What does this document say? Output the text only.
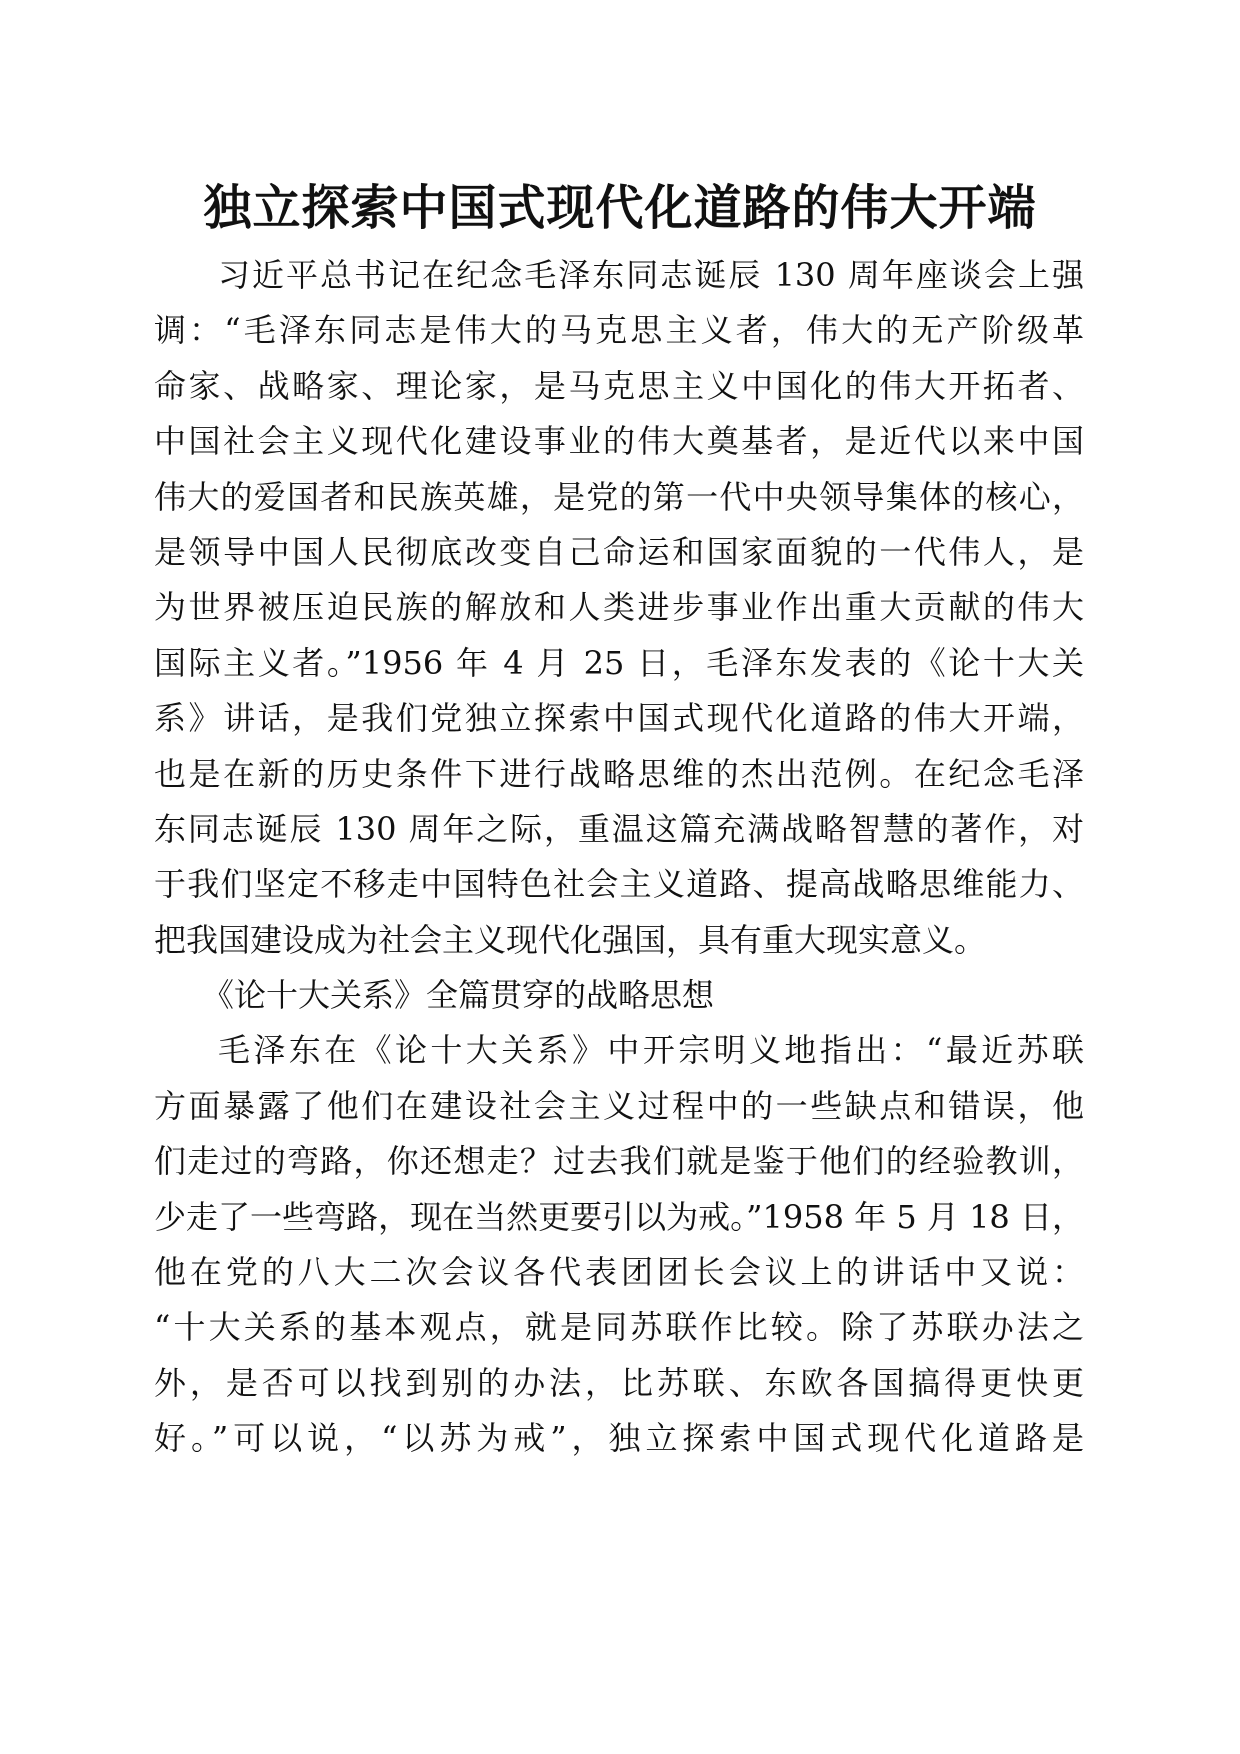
独立探索中国式现代化道路的伟大开端
习近平总书记在纪念毛泽东同志诞辰 130 周年座谈会上强
调：“毛泽东同志是伟大的马克思主义者，伟大的无产阶级革
命家、战略家、理论家，是马克思主义中国化的伟大开拓者、
中国社会主义现代化建设事业的伟大奠基者，是近代以来中国
伟大的爱国者和民族英雄，是党的第一代中央领导集体的核心，
是领导中国人民彻底改变自己命运和国家面貌的一代伟人，是
为世界被压迫民族的解放和人类进步事业作出重大贡献的伟大
国际主义者。”1956 年 4 月 25 日，毛泽东发表的《论十大关
系》讲话，是我们党独立探索中国式现代化道路的伟大开端，
也是在新的历史条件下进行战略思维的杰出范例。在纪念毛泽
东同志诞辰 130 周年之际，重温这篇充满战略智慧的著作，对
于我们坚定不移走中国特色社会主义道路、提高战略思维能力、
把我国建设成为社会主义现代化强国，具有重大现实意义。
《论十大关系》全篇贯穿的战略思想
毛泽东在《论十大关系》中开宗明义地指出：“最近苏联
方面暴露了他们在建设社会主义过程中的一些缺点和错误，他
们走过的弯路，你还想走？过去我们就是鉴于他们的经验教训，
少走了一些弯路，现在当然更要引以为戒。”1958 年 5 月 18 日，
他在党的八大二次会议各代表团团长会议上的讲话中又说：
“十大关系的基本观点，就是同苏联作比较。除了苏联办法之
外，是否可以找到别的办法，比苏联、东欧各国搞得更快更
好。”可以说，“以苏为戒”，独立探索中国式现代化道路是
